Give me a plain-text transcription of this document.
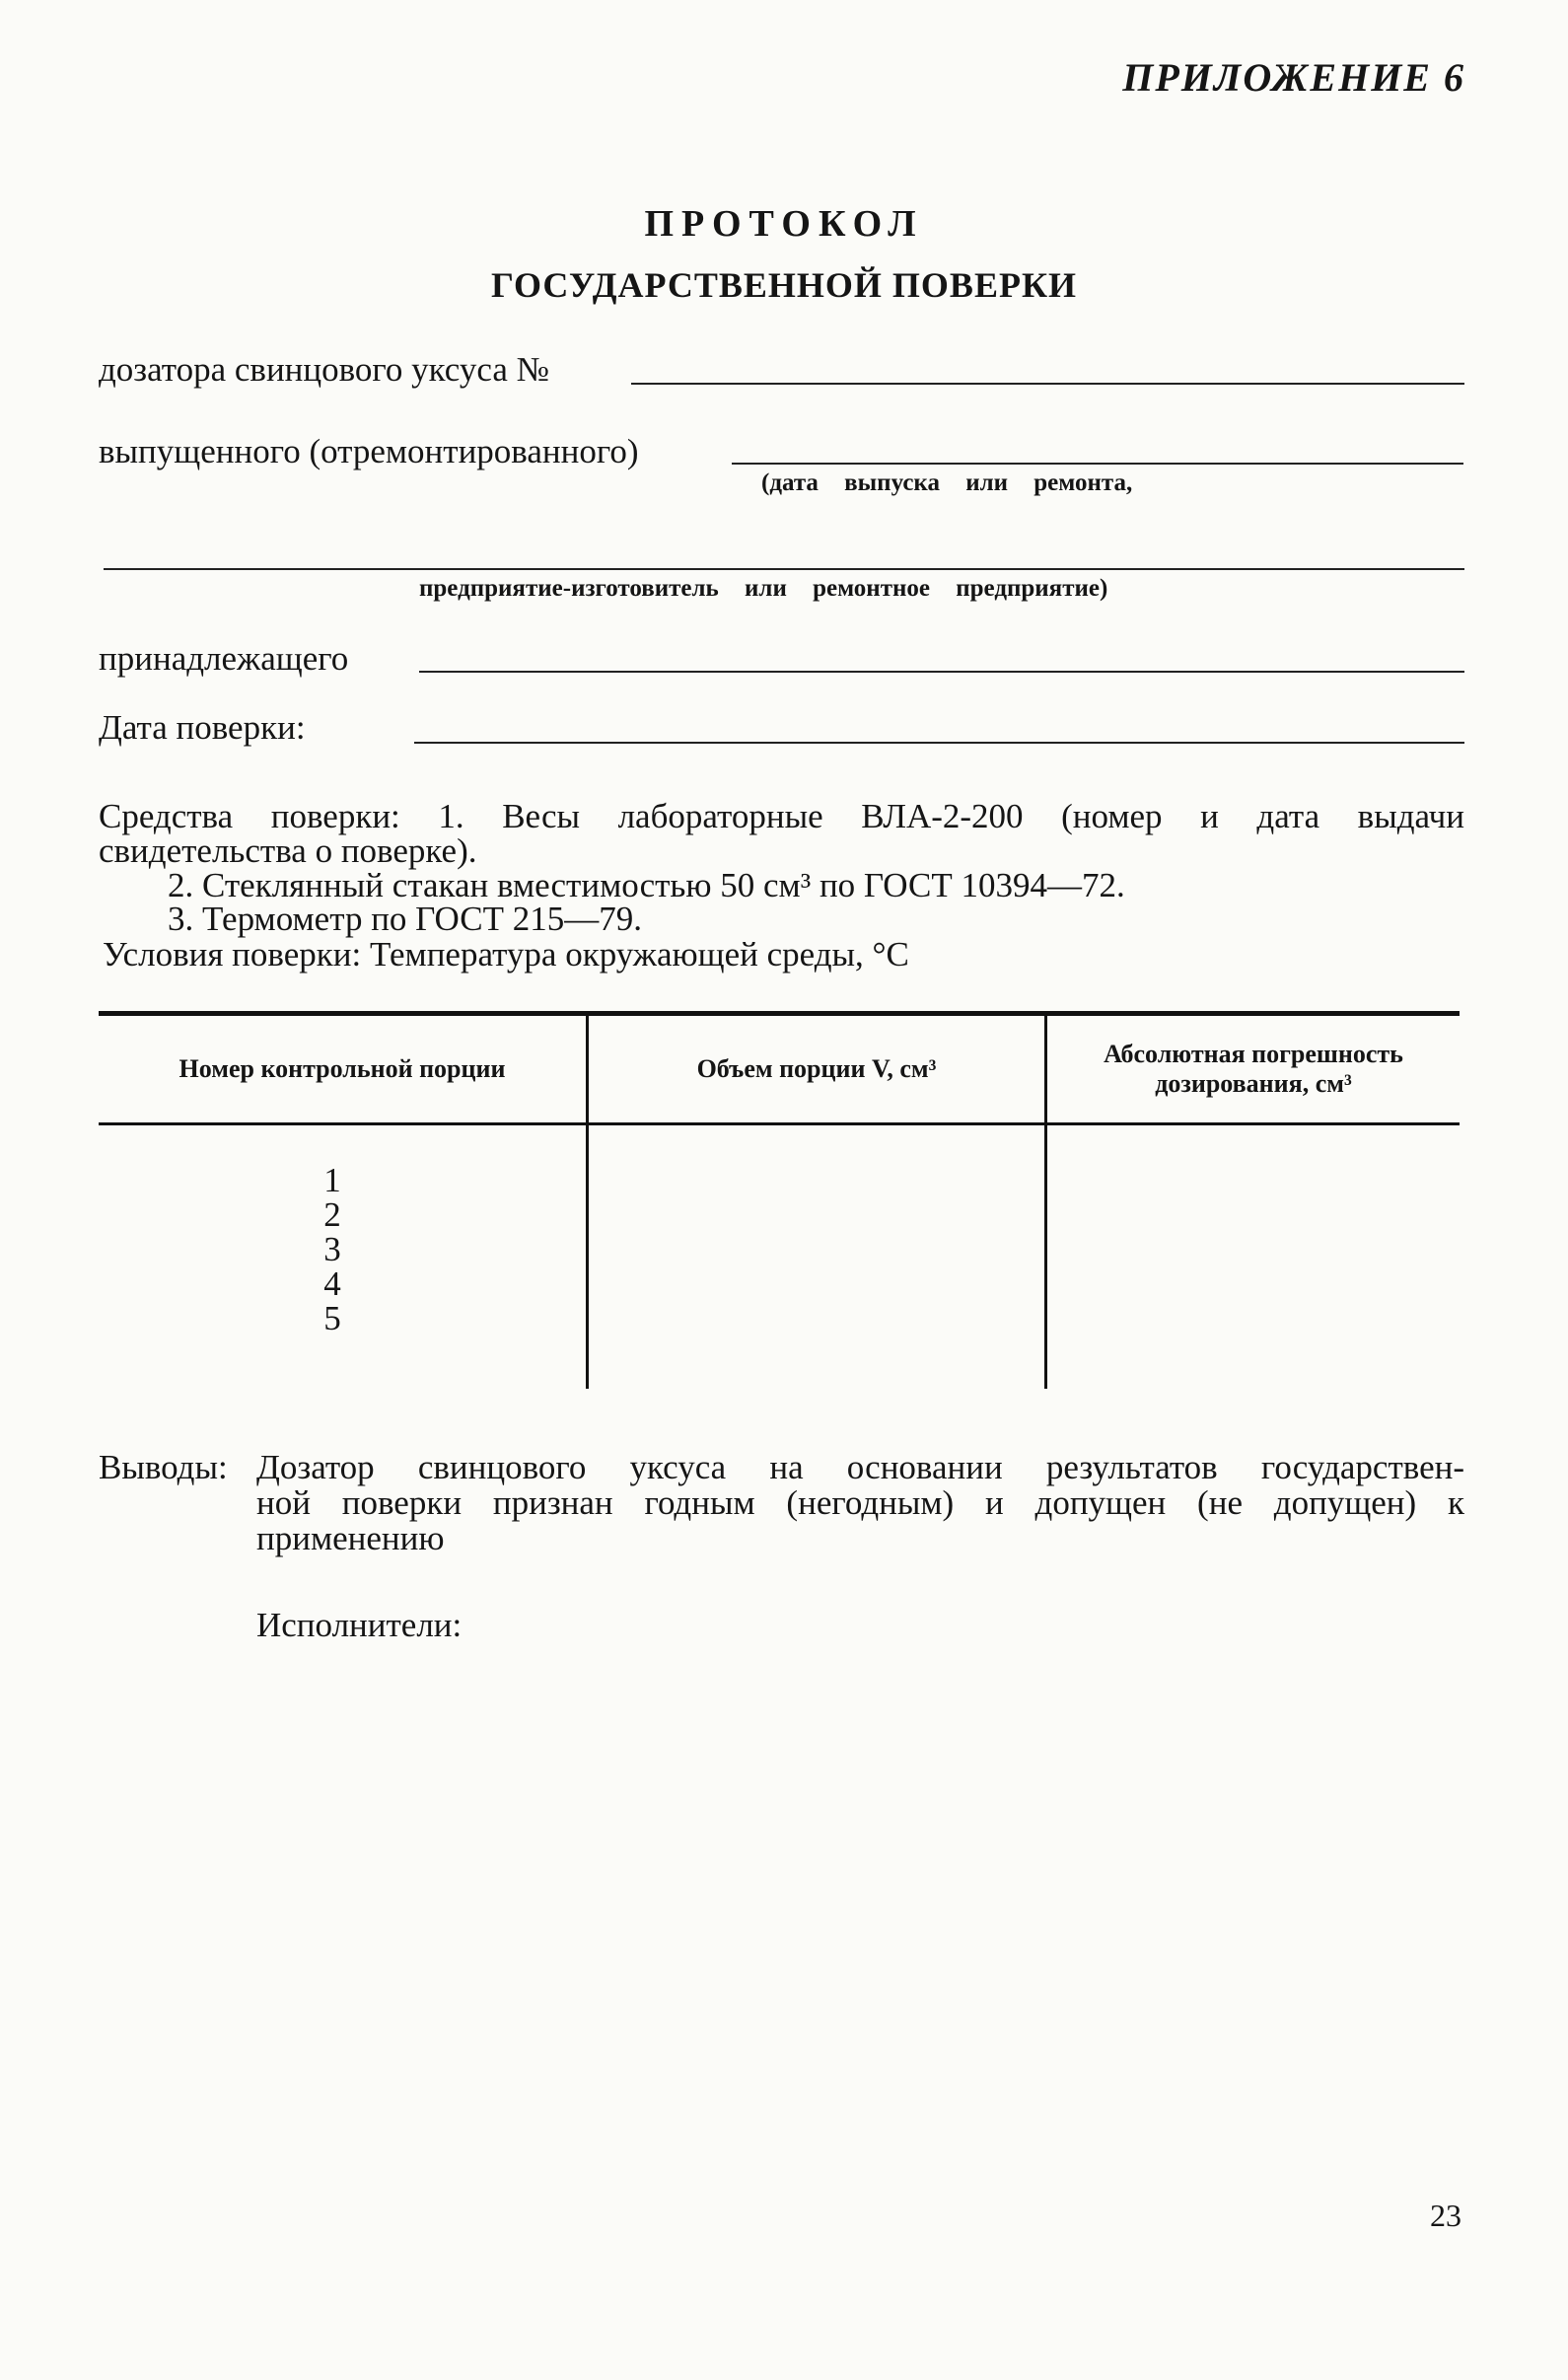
ПРИЛОЖЕНИЕ 6
ПРОТОКОЛ
ГОСУДАРСТВЕННОЙ ПОВЕРКИ
дозатора свинцового уксуса №
выпущенного (отремонтированного)
(дата выпуска или ремонта,
предприятие-изготовитель или ремонтное предприятие)
принадлежащего
Дата поверки:
Средства поверки: 1. Весы лабораторные ВЛА-2-200 (номер и дата выдачи
свидетельства о поверке).
2. Стеклянный стакан вместимостью 50 см³ по ГОСТ 10394—72.
3. Термометр по ГОСТ 215—79.
Условия поверки: Температура окружающей среды, °С
Номер контрольной порции	Объем порции V, см³	Абсолютная погрешность дозирования, см³

1
2
3
4
5		

Выводы: Дозатор свинцового уксуса на основании результатов государствен-
ной поверки признан годным (негодным) и допущен (не допущен) к
применению
Исполнители:
23
